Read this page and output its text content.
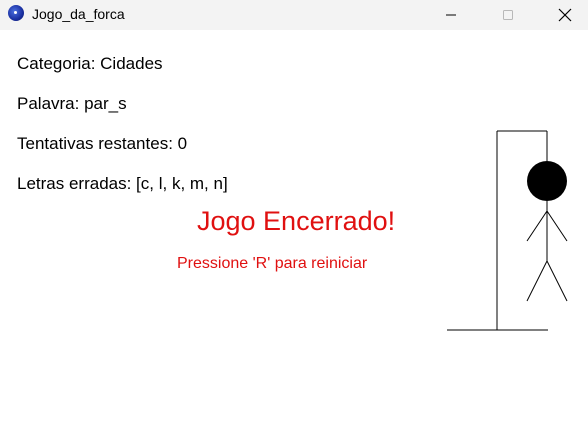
Jogo_da_forca
Categoria: Cidades
Palavra: par_s
Tentativas restantes: 0
Letras erradas: [c, l, k, m, n]
Jogo Encerrado!
Pressione 'R' para reiniciar
